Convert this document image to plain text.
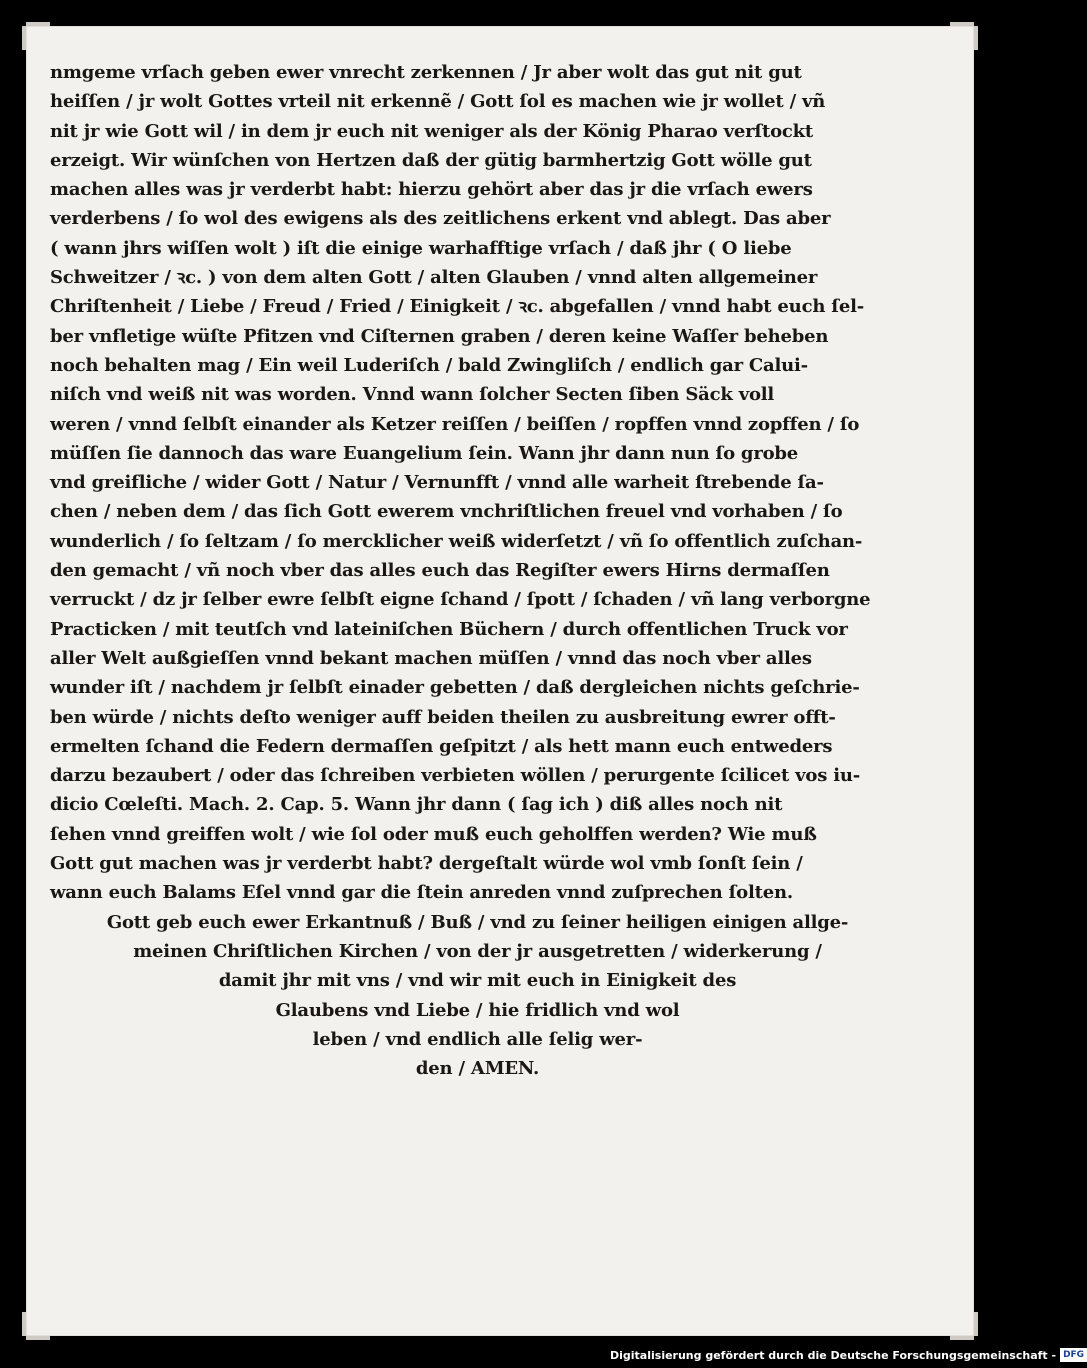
nmgeme vrſach geben ewer vnrecht zerkennen / Jr aber wolt das gut nit gut
heiſſen / jr wolt Gottes vrteil nit erkennẽ / Gott ſol es machen wie jr wollet / vñ
nit jr wie Gott wil / in dem jr euch nit weniger als der König Pharao verſtockt
erzeigt. Wir wünſchen von Hertzen daß der gütig barmhertzig Gott wölle gut
machen alles was jr verderbt habt: hierzu gehört aber das jr die vrſach ewers
verderbens / ſo wol des ewigens als des zeitlichens erkent vnd ablegt. Das aber
( wann jhrs wiſſen wolt ) iſt die einige warhafftige vrſach / daß jhr ( O liebe
Schweitzer / ꝛc. ) von dem alten Gott / alten Glauben / vnnd alten allgemeiner
Chriſtenheit / Liebe / Freud / Fried / Einigkeit / ꝛc. abgefallen / vnnd habt euch ſel-
ber vnfletige wüſte Pfitzen vnd Ciſternen graben / deren keine Waſſer beheben
noch behalten mag / Ein weil Luderiſch / bald Zwingliſch / endlich gar Calui-
niſch vnd weiß nit was worden. Vnnd wann ſolcher Secten ſiben Säck voll
weren / vnnd ſelbſt einander als Ketzer reiſſen / beiſſen / ropffen vnnd zopffen / ſo
müſſen ſie dannoch das ware Euangelium ſein. Wann jhr dann nun ſo grobe
vnd greifliche / wider Gott / Natur / Vernunfft / vnnd alle warheit ſtrebende ſa-
chen / neben dem / das ſich Gott ewerem vnchriſtlichen freuel vnd vorhaben / ſo
wunderlich / ſo ſeltzam / ſo mercklicher weiß widerſetzt / vñ ſo offentlich zuſchan-
den gemacht / vñ noch vber das alles euch das Regiſter ewers Hirns dermaſſen
verruckt / dz jr ſelber ewre ſelbſt eigne ſchand / ſpott / ſchaden / vñ lang verborgne
Practicken / mit teutſch vnd lateiniſchen Büchern / durch offentlichen Truck vor
aller Welt außgieſſen vnnd bekant machen müſſen / vnnd das noch vber alles
wunder iſt / nachdem jr ſelbſt einader gebetten / daß dergleichen nichts geſchrie-
ben würde / nichts deſto weniger auff beiden theilen zu ausbreitung ewrer offt-
ermelten ſchand die Federn dermaſſen geſpitzt / als hett mann euch entweders
darzu bezaubert / oder das ſchreiben verbieten wöllen / perurgente ſcilicet vos iu-
dicio Cœleſti. Mach. 2. Cap. 5. Wann jhr dann ( ſag ich ) diß alles noch nit
ſehen vnnd greiffen wolt / wie ſol oder muß euch geholffen werden? Wie muß
Gott gut machen was jr verderbt habt? dergeſtalt würde wol vmb ſonſt ſein /
wann euch Balams Eſel vnnd gar die ſtein anreden vnnd zuſprechen ſolten.
Gott geb euch ewer Erkantnuß / Buß / vnd zu ſeiner heiligen einigen allge-
meinen Chriſtlichen Kirchen / von der jr ausgetretten / widerkerung /
damit jhr mit vns / vnd wir mit euch in Einigkeit des
Glaubens vnd Liebe / hie fridlich vnd wol
leben / vnd endlich alle ſelig wer-
den / AMEN.
Digitalisierung gefördert durch die Deutsche Forschungsgemeinschaft - DFG
